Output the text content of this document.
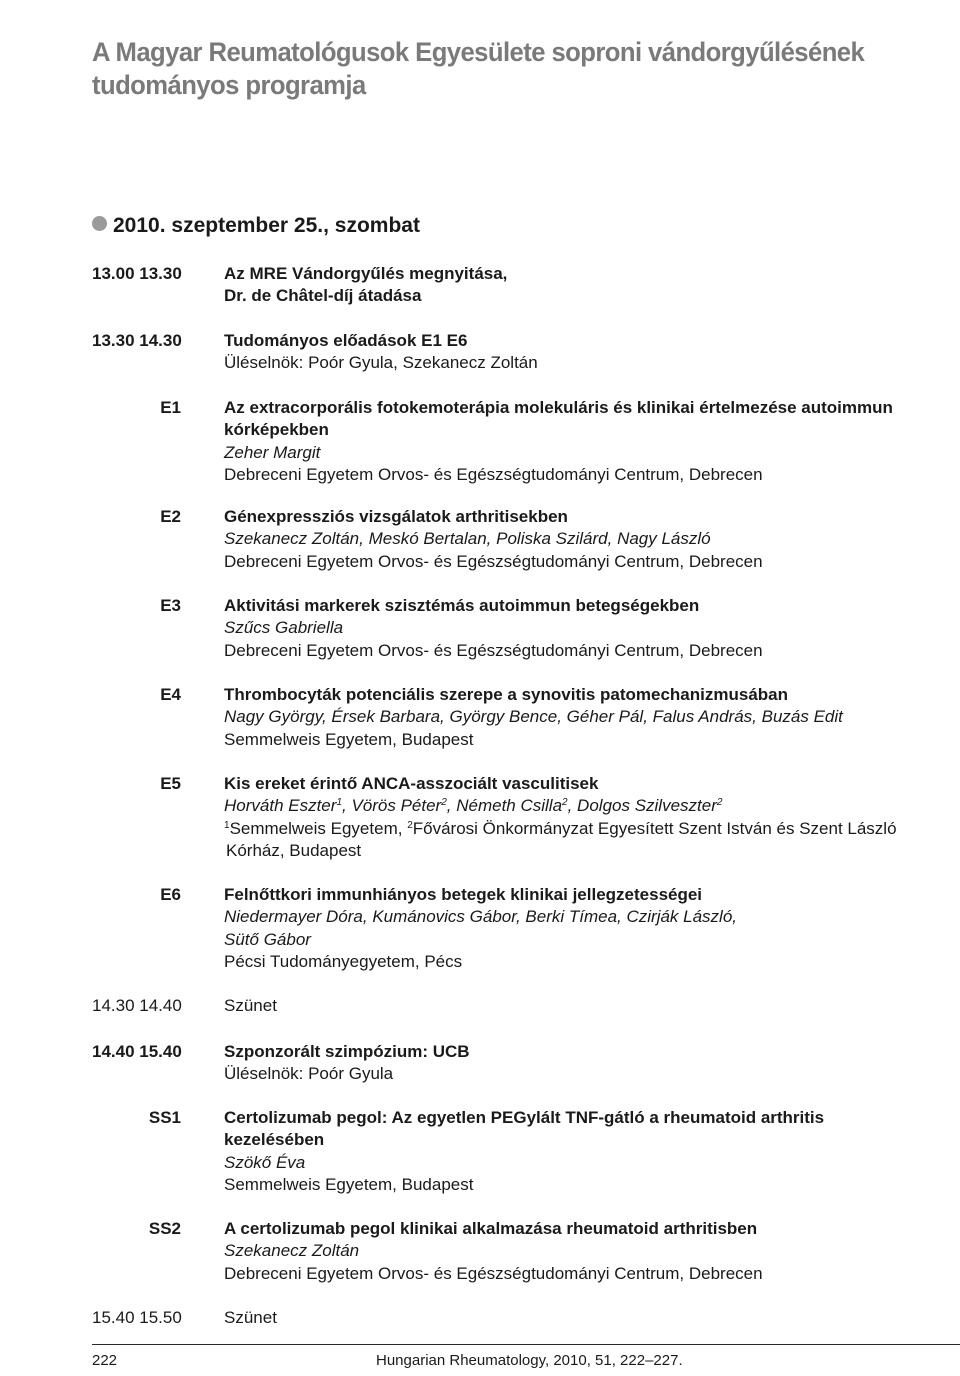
A Magyar Reumatológusok Egyesülete soproni vándorgyűlésének
tudományos programja
2010. szeptember 25., szombat
13.00 13.30 Az MRE Vándorgyűlés megnyitása,
Dr. de Châtel-díj átadása
13.30 14.30 Tudományos előadások E1 E6
Üléselnök: Poór Gyula, Szekanecz Zoltán
E1	Az extracorporális fotokemoterápia molekuláris és klinikai értelmezése autoimmun
kórképekben
Zeher Margit
Debreceni Egyetem Orvos- és Egészségtudományi Centrum, Debrecen
E2	Génexpressziós vizsgálatok arthritisekben
Szekanecz Zoltán, Meskó Bertalan, Poliska Szilárd, Nagy László
Debreceni Egyetem Orvos- és Egészségtudományi Centrum, Debrecen
E3	Aktivitási markerek szisztémás autoimmun betegségekben
Szűcs Gabriella
Debreceni Egyetem Orvos- és Egészségtudományi Centrum, Debrecen
E4	Thrombocyták potenciális szerepe a synovitis patomechanizmusában
Nagy György, Érsek Barbara, György Bence, Géher Pál, Falus András, Buzás Edit
Semmelweis Egyetem, Budapest
E5	Kis ereket érintő ANCA-asszociált vasculitisek
Horváth Eszter$^1$, Vörös Péter$^2$, Németh Csilla$^2$, Dolgos Szilveszter$^2$
$^1$Semmelweis Egyetem, $^2$Fővárosi Önkormányzat Egyesített Szent István és Szent László
Kórház, Budapest
E6	Felnőttkori immunhiányos betegek klinikai jellegzetességei
Niedermayer Dóra, Kumánovics Gábor, Berki Tímea, Czirják László,
Sütő Gábor
Pécsi Tudományegyetem, Pécs
14.30 14.40 Szünet
14.40 15.40 Szponzorált szimpózium: UCB
Üléselnök: Poór Gyula
SS1	Certolizumab pegol: Az egyetlen PEGylált TNF-gátló a rheumatoid arthritis
kezelésében
Szökő Éva
Semmelweis Egyetem, Budapest
SS2	A certolizumab pegol klinikai alkalmazása rheumatoid arthritisben
Szekanecz Zoltán
Debreceni Egyetem Orvos- és Egészségtudományi Centrum, Debrecen
15.40 15.50 Szünet
222	Hungarian Rheumatology, 2010, 51, 222–227.
